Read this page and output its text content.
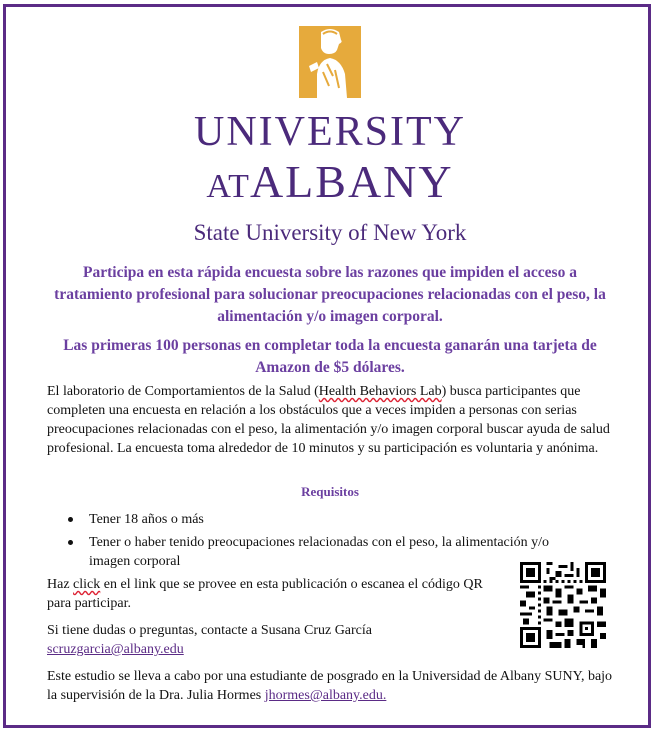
UNIVERSITY
ATALBANY
State University of New York

Participa en esta rápida encuesta sobre las razones que impiden el acceso a tratamiento profesional para solucionar preocupaciones relacionadas con el peso, la alimentación y/o imagen corporal.

Las primeras 100 personas en completar toda la encuesta ganarán una tarjeta de Amazon de $5 dólares.

El laboratorio de Comportamientos de la Salud (Health Behaviors Lab) busca participantes que completen una encuesta en relación a los obstáculos que a veces impiden a personas con serias preocupaciones relacionadas con el peso, la alimentación y/o imagen corporal buscar ayuda de salud profesional. La encuesta toma alrededor de 10 minutos y su participación es voluntaria y anónima.

Requisitos
Tener 18 años o más
Tener o haber tenido preocupaciones relacionadas con el peso, la alimentación y/o imagen corporal

Haz click en el link que se provee en esta publicación o escanea el código QR para participar.

Si tiene dudas o preguntas, contacte a Susana Cruz García
scruzgarcia@albany.edu

Este estudio se lleva a cabo por una estudiante de posgrado en la Universidad de Albany SUNY, bajo la supervisión de la Dra. Julia Hormes jhormes@albany.edu.
